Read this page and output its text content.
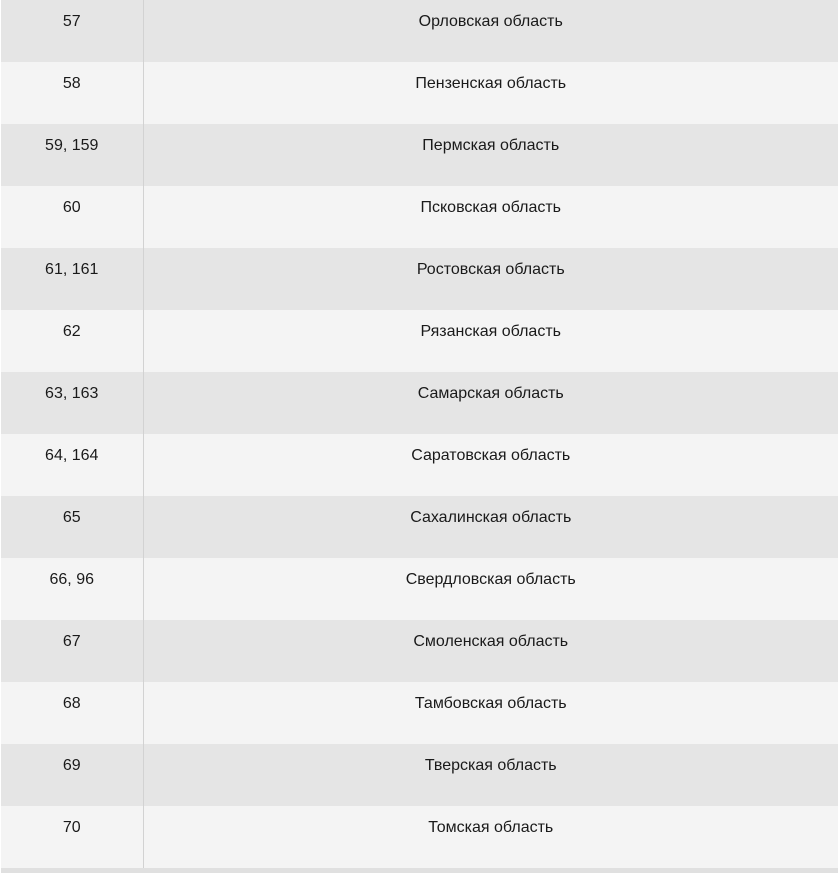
57	Орловская область

58	Пензенская область

59, 159	Пермская область

60	Псковская область

61, 161	Ростовская область

62	Рязанская область

63, 163	Самарская область

64, 164	Саратовская область

65	Сахалинская область

66, 96	Свердловская область

67	Смоленская область

68	Тамбовская область

69	Тверская область

70	Томская область
